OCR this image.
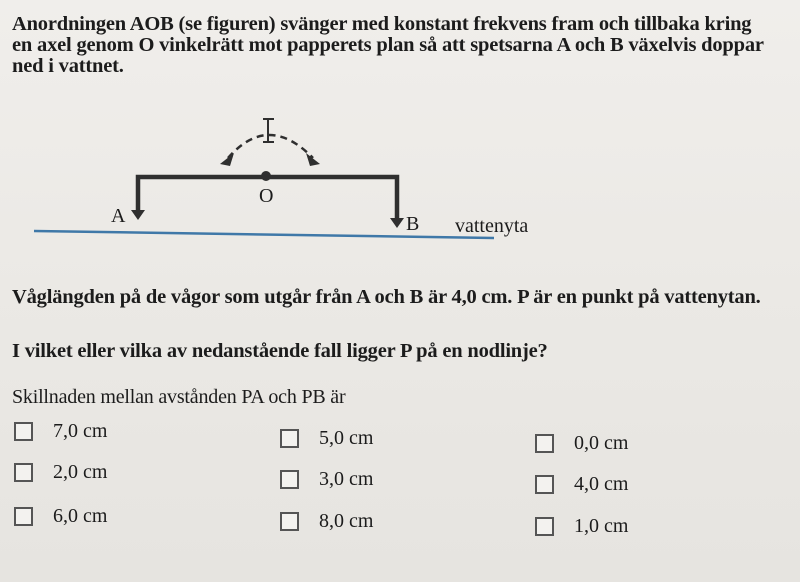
Anordningen AOB (se figuren) svänger med konstant frekvens fram och tillbaka kring
en axel genom O vinkelrätt mot papperets plan så att spetsarna A och B växelvis doppar
ned i vattnet.

O
A	B vattenyta

Våglängden på de vågor som utgår från A och B är 4,0 cm. P är en punkt på vattenytan.

I vilket eller vilka av nedanstående fall ligger P på en nodlinje?

Skillnaden mellan avstånden PA och PB är

7,0 cm
2,0 cm
6,0 cm
5,0 cm
3,0 cm
8,0 cm
0,0 cm
4,0 cm
1,0 cm
